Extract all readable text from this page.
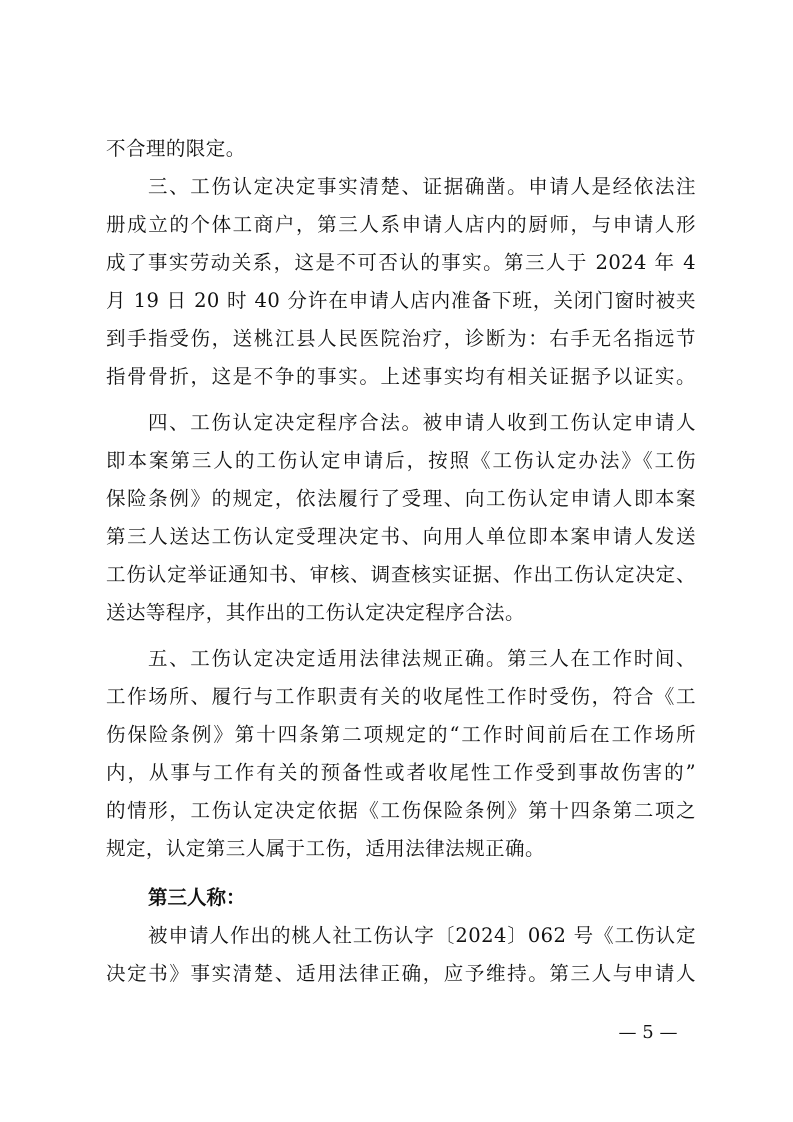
不合理的限定。
三、工伤认定决定事实清楚、证据确凿。申请人是经依法注
册成立的个体工商户，第三人系申请人店内的厨师，与申请人形
成了事实劳动关系，这是不可否认的事实。第三人于 2024 年 4
月 19 日 20 时 40 分许在申请人店内准备下班，关闭门窗时被夹
到手指受伤，送桃江县人民医院治疗，诊断为：右手无名指远节
指骨骨折，这是不争的事实。上述事实均有相关证据予以证实。
四、工伤认定决定程序合法。被申请人收到工伤认定申请人
即本案第三人的工伤认定申请后，按照《工伤认定办法》《工伤
保险条例》的规定，依法履行了受理、向工伤认定申请人即本案
第三人送达工伤认定受理决定书、向用人单位即本案申请人发送
工伤认定举证通知书、审核、调查核实证据、作出工伤认定决定、
送达等程序，其作出的工伤认定决定程序合法。
五、工伤认定决定适用法律法规正确。第三人在工作时间、
工作场所、履行与工作职责有关的收尾性工作时受伤，符合《工
伤保险条例》第十四条第二项规定的“工作时间前后在工作场所
内，从事与工作有关的预备性或者收尾性工作受到事故伤害的”
的情形，工伤认定决定依据《工伤保险条例》第十四条第二项之
规定，认定第三人属于工伤，适用法律法规正确。
第三人称：
被申请人作出的桃人社工伤认字〔2024〕062 号《工伤认定
决定书》事实清楚、适用法律正确，应予维持。第三人与申请人
— 5 —
